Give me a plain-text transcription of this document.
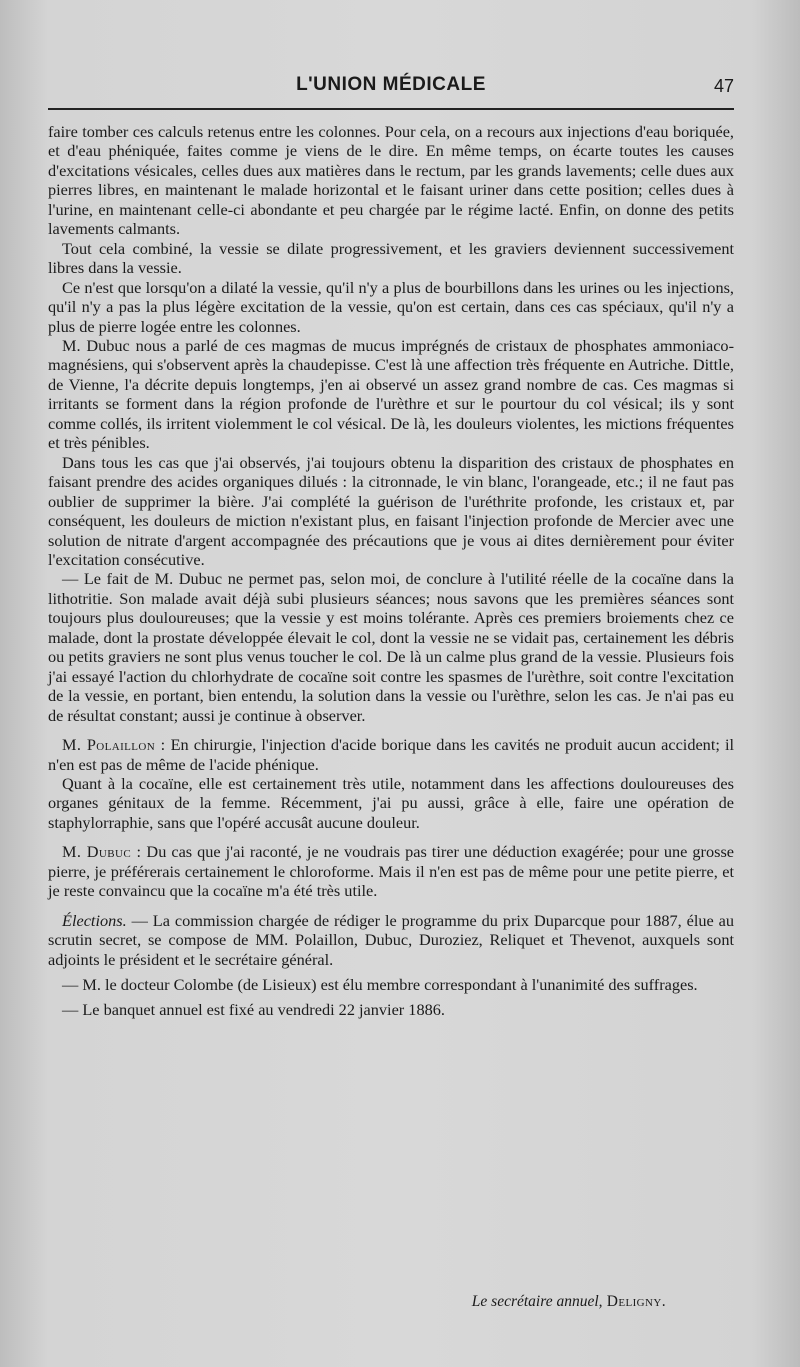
L'UNION MÉDICALE	47

faire tomber ces calculs retenus entre les colonnes. Pour cela, on a recours aux injections d'eau boriquée, et d'eau phéniquée, faites comme je viens de le dire. En même temps, on écarte toutes les causes d'excitations vésicales, celles dues aux matières dans le rectum, par les grands lavements; celle dues aux pierres libres, en maintenant le malade horizontal et le faisant uriner dans cette position; celles dues à l'urine, en maintenant celle-ci abondante et peu chargée par le régime lacté. Enfin, on donne des petits lavements calmants.

Tout cela combiné, la vessie se dilate progressivement, et les graviers deviennent successivement libres dans la vessie.

Ce n'est que lorsqu'on a dilaté la vessie, qu'il n'y a plus de bourbillons dans les urines ou les injections, qu'il n'y a pas la plus légère excitation de la vessie, qu'on est certain, dans ces cas spéciaux, qu'il n'y a plus de pierre logée entre les colonnes.

M. Dubuc nous a parlé de ces magmas de mucus imprégnés de cristaux de phosphates ammoniaco-magnésiens, qui s'observent après la chaudepisse. C'est là une affection très fréquente en Autriche. Dittle, de Vienne, l'a décrite depuis longtemps, j'en ai observé un assez grand nombre de cas. Ces magmas si irritants se forment dans la région profonde de l'urèthre et sur le pourtour du col vésical; ils y sont comme collés, ils irritent violemment le col vésical. De là, les douleurs violentes, les mictions fréquentes et très pénibles.

Dans tous les cas que j'ai observés, j'ai toujours obtenu la disparition des cristaux de phosphates en faisant prendre des acides organiques dilués : la citronnade, le vin blanc, l'orangeade, etc.; il ne faut pas oublier de supprimer la bière. J'ai complété la guérison de l'uréthrite profonde, les cristaux et, par conséquent, les douleurs de miction n'existant plus, en faisant l'injection profonde de Mercier avec une solution de nitrate d'argent accompagnée des précautions que je vous ai dites dernièrement pour éviter l'excitation consécutive.

— Le fait de M. Dubuc ne permet pas, selon moi, de conclure à l'utilité réelle de la cocaïne dans la lithotritie. Son malade avait déjà subi plusieurs séances; nous savons que les premières séances sont toujours plus douloureuses; que la vessie y est moins tolérante. Après ces premiers broiements chez ce malade, dont la prostate développée élevait le col, dont la vessie ne se vidait pas, certainement les débris ou petits graviers ne sont plus venus toucher le col. De là un calme plus grand de la vessie. Plusieurs fois j'ai essayé l'action du chlorhydrate de cocaïne soit contre les spasmes de l'urèthre, soit contre l'excitation de la vessie, en portant, bien entendu, la solution dans la vessie ou l'urèthre, selon les cas. Je n'ai pas eu de résultat constant; aussi je continue à observer.

M. Polaillon : En chirurgie, l'injection d'acide borique dans les cavités ne produit aucun accident; il n'en est pas de même de l'acide phénique.

Quant à la cocaïne, elle est certainement très utile, notamment dans les affections douloureuses des organes génitaux de la femme. Récemment, j'ai pu aussi, grâce à elle, faire une opération de staphylorraphie, sans que l'opéré accusât aucune douleur.

M. Dubuc : Du cas que j'ai raconté, je ne voudrais pas tirer une déduction exagérée; pour une grosse pierre, je préférerais certainement le chloroforme. Mais il n'en est pas de même pour une petite pierre, et je reste convaincu que la cocaïne m'a été très utile.

Élections. — La commission chargée de rédiger le programme du prix Duparcque pour 1887, élue au scrutin secret, se compose de MM. Polaillon, Dubuc, Duroziez, Reliquet et Thevenot, auxquels sont adjoints le président et le secrétaire général.

— M. le docteur Colombe (de Lisieux) est élu membre correspondant à l'unanimité des suffrages.

— Le banquet annuel est fixé au vendredi 22 janvier 1886.

Le secrétaire annuel, Deligny.
